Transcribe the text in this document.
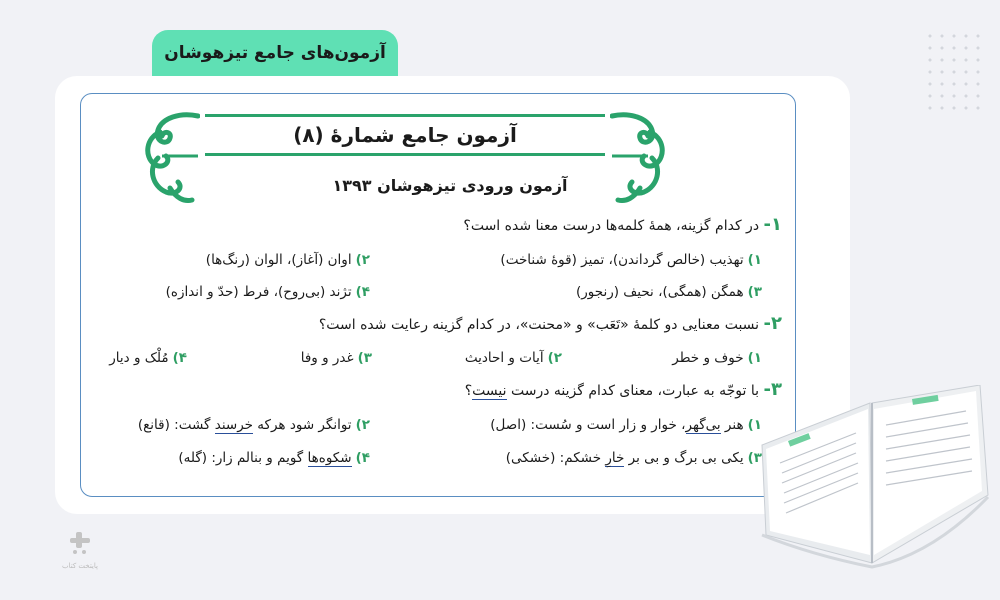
آزمون‌های جامع تیزهوشان
آزمون جامع شمارهٔ (۸)
آزمون ورودی تیزهوشان ۱۳۹۳
۱- در کدام گزینه، همهٔ کلمه‌ها درست معنا شده است؟
۱)تهذیب (خالص گرداندن)، تمیز (قوهٔ شناخت)
۲)اوان (آغاز)، الوان (رنگ‌ها)
۳)همگن (همگی)، نحیف (رنجور)
۴)تژند (بی‌روح)، فرط (حدّ و اندازه)
۲- نسبت معنایی دو کلمهٔ «تَعَب» و «محنت»، در کدام گزینه رعایت شده است؟
۱)خوف و خطر
۲)آیات و احادیث
۳)غدر و وفا
۴)مُلْک و دیار
۳- با توجّه به عبارت، معنای کدام گزینه درست نیست؟
۱)هنر بی‌گهر، خوار و زار است و سُست: (اصل)
۲)توانگر شود هرکه خرسند گشت: (قانع)
۳)یکی بی برگ و بی بر خارِ خشکم: (خشکی)
۴)شکوه‌ها گویم و بنالم زار: (گله)
پایتخت کتاب
